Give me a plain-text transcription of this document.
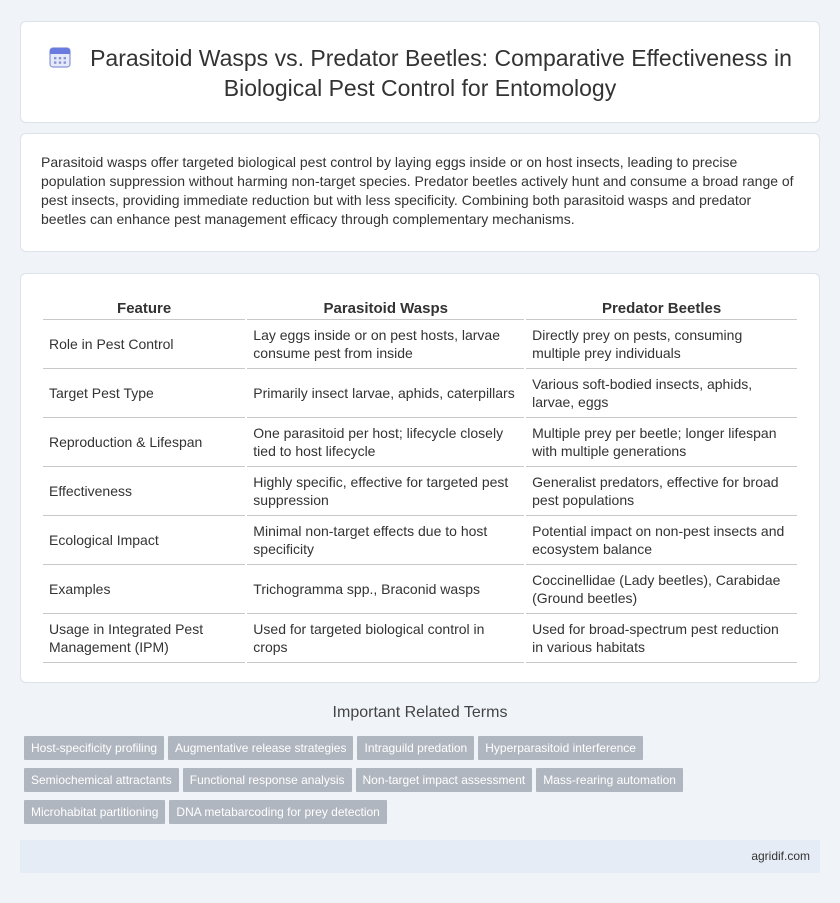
Parasitoid Wasps vs. Predator Beetles: Comparative Effectiveness in Biological Pest Control for Entomology

Parasitoid wasps offer targeted biological pest control by laying eggs inside or on host insects, leading to precise population suppression without harming non-target species. Predator beetles actively hunt and consume a broad range of pest insects, providing immediate reduction but with less specificity. Combining both parasitoid wasps and predator beetles can enhance pest management efficacy through complementary mechanisms.

Feature	Parasitoid Wasps	Predator Beetles
Role in Pest Control	Lay eggs inside or on pest hosts, larvae consume pest from inside	Directly prey on pests, consuming multiple prey individuals
Target Pest Type	Primarily insect larvae, aphids, caterpillars	Various soft-bodied insects, aphids, larvae, eggs
Reproduction & Lifespan	One parasitoid per host; lifecycle closely tied to host lifecycle	Multiple prey per beetle; longer lifespan with multiple generations
Effectiveness	Highly specific, effective for targeted pest suppression	Generalist predators, effective for broad pest populations
Ecological Impact	Minimal non-target effects due to host specificity	Potential impact on non-pest insects and ecosystem balance
Examples	Trichogramma spp., Braconid wasps	Coccinellidae (Lady beetles), Carabidae (Ground beetles)
Usage in Integrated Pest Management (IPM)	Used for targeted biological control in crops	Used for broad-spectrum pest reduction in various habitats
Important Related Terms
Host-specificity profiling Augmentative release strategies Intraguild predation Hyperparasitoid interference
Semiochemical attractants Functional response analysis Non-target impact assessment Mass-rearing automation
Microhabitat partitioning DNA metabarcoding for prey detection
agridif.com
